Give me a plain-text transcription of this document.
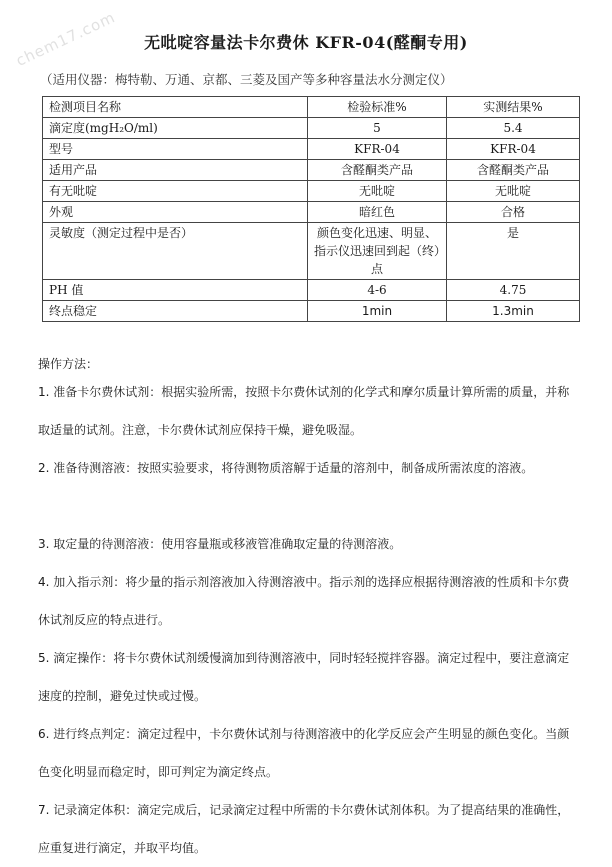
chem17.com	无吡啶容量法卡尔费休 KFR-04(醛酮专用)
（适用仪器：梅特勒、万通、京都、三菱及国产等多种容量法水分测定仪）
检测项目名称	检验标准%	实测结果%
滴定度(mgH₂O/ml)	5	5.4
型号	KFR-04	KFR-04
适用产品	含醛酮类产品	含醛酮类产品
有无吡啶	无吡啶	无吡啶
外观	暗红色	合格
灵敏度（测定过程中是否）	颜色变化迅速、明显、指示仪迅速回到起（终）点	是
PH 值	4-6	4.75
终点稳定	1min	1.3min
操作方法：
1. 准备卡尔费休试剂：根据实验所需，按照卡尔费休试剂的化学式和摩尔质量计算所需的质量，并称取适量的试剂。注意，卡尔费休试剂应保持干燥，避免吸湿。
2. 准备待测溶液：按照实验要求，将待测物质溶解于适量的溶剂中，制备成所需浓度的溶液。
3. 取定量的待测溶液：使用容量瓶或移液管准确取定量的待测溶液。
4. 加入指示剂：将少量的指示剂溶液加入待测溶液中。指示剂的选择应根据待测溶液的性质和卡尔费休试剂反应的特点进行。
5. 滴定操作：将卡尔费休试剂缓慢滴加到待测溶液中，同时轻轻搅拌容器。滴定过程中，要注意滴定速度的控制，避免过快或过慢。
6. 进行终点判定：滴定过程中，卡尔费休试剂与待测溶液中的化学反应会产生明显的颜色变化。当颜色变化明显而稳定时，即可判定为滴定终点。
7. 记录滴定体积：滴定完成后，记录滴定过程中所需的卡尔费休试剂体积。为了提高结果的准确性，应重复进行滴定，并取平均值。
